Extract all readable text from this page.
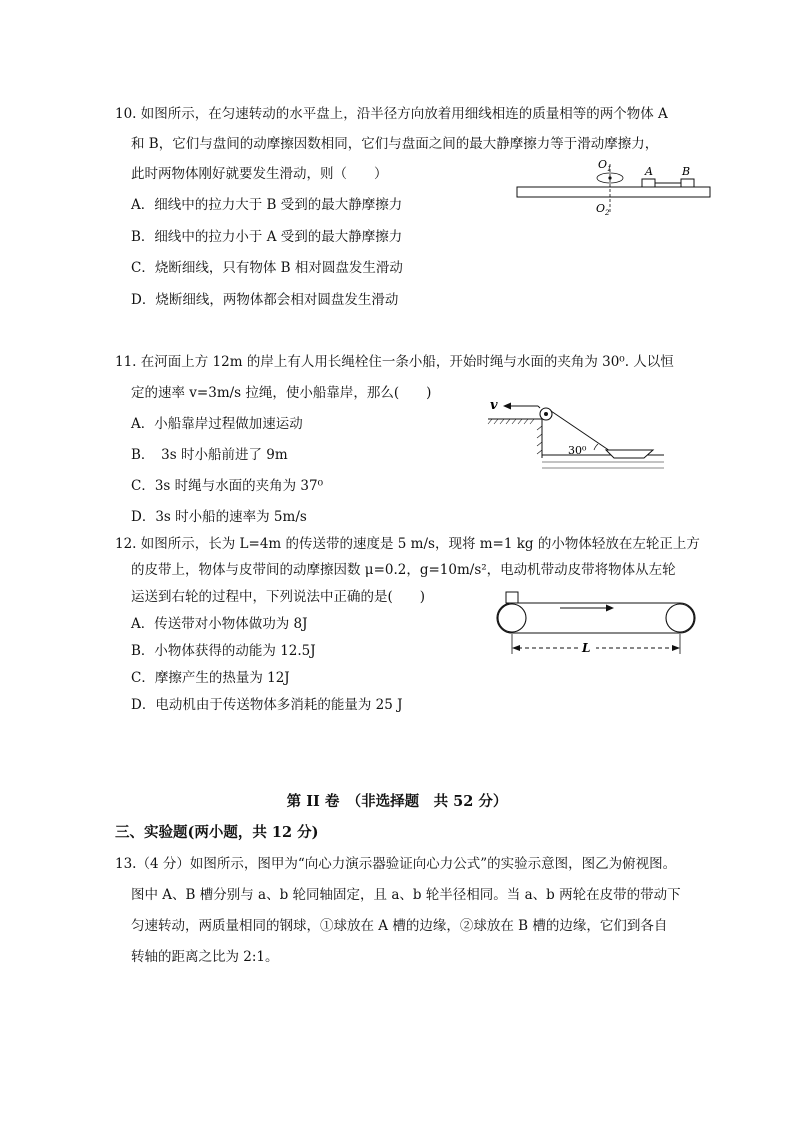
10. 如图所示，在匀速转动的水平盘上，沿半径方向放着用细线相连的质量相等的两个物体 A
和 B，它们与盘间的动摩擦因数相同，它们与盘面之间的最大静摩擦力等于滑动摩擦力，
此时两物体刚好就要发生滑动，则（　　）
A．细线中的拉力大于 B 受到的最大静摩擦力
B．细线中的拉力小于 A 受到的最大静摩擦力
C．烧断细线，只有物体 B 相对圆盘发生滑动
D．烧断细线，两物体都会相对圆盘发生滑动
$O_1$
$O_2$
A	B
11. 在河面上方 12m 的岸上有人用长绳栓住一条小船，开始时绳与水面的夹角为 30⁰. 人以恒
定的速率 v=3m/s 拉绳，使小船靠岸，那么(　　)
A．小船靠岸过程做加速运动
B．　3s 时小船前进了 9m
C．3s 时绳与水面的夹角为 37⁰
D．3s 时小船的速率为 5m/s
v
30⁰
12. 如图所示，长为 L=4m 的传送带的速度是 5 m/s，现将 m=1 kg 的小物体轻放在左轮正上方
的皮带上，物体与皮带间的动摩擦因数 μ=0.2，g=10m/s²，电动机带动皮带将物体从左轮
运送到右轮的过程中，下列说法中正确的是(　　)
A．传送带对小物体做功为 8J
B．小物体获得的动能为 12.5J
C．摩擦产生的热量为 12J
D．电动机由于传送物体多消耗的能量为 25 J
L
第 II 卷　（非选择题　共 52 分）
三、实验题(两小题，共 12 分)
13.（4 分）如图所示，图甲为“向心力演示器验证向心力公式”的实验示意图，图乙为俯视图。
图中 A、B 槽分别与 a、b 轮同轴固定，且 a、b 轮半径相同。当 a、b 两轮在皮带的带动下
匀速转动，两质量相同的钢球，①球放在 A 槽的边缘，②球放在 B 槽的边缘，它们到各自
转轴的距离之比为 2:1。
